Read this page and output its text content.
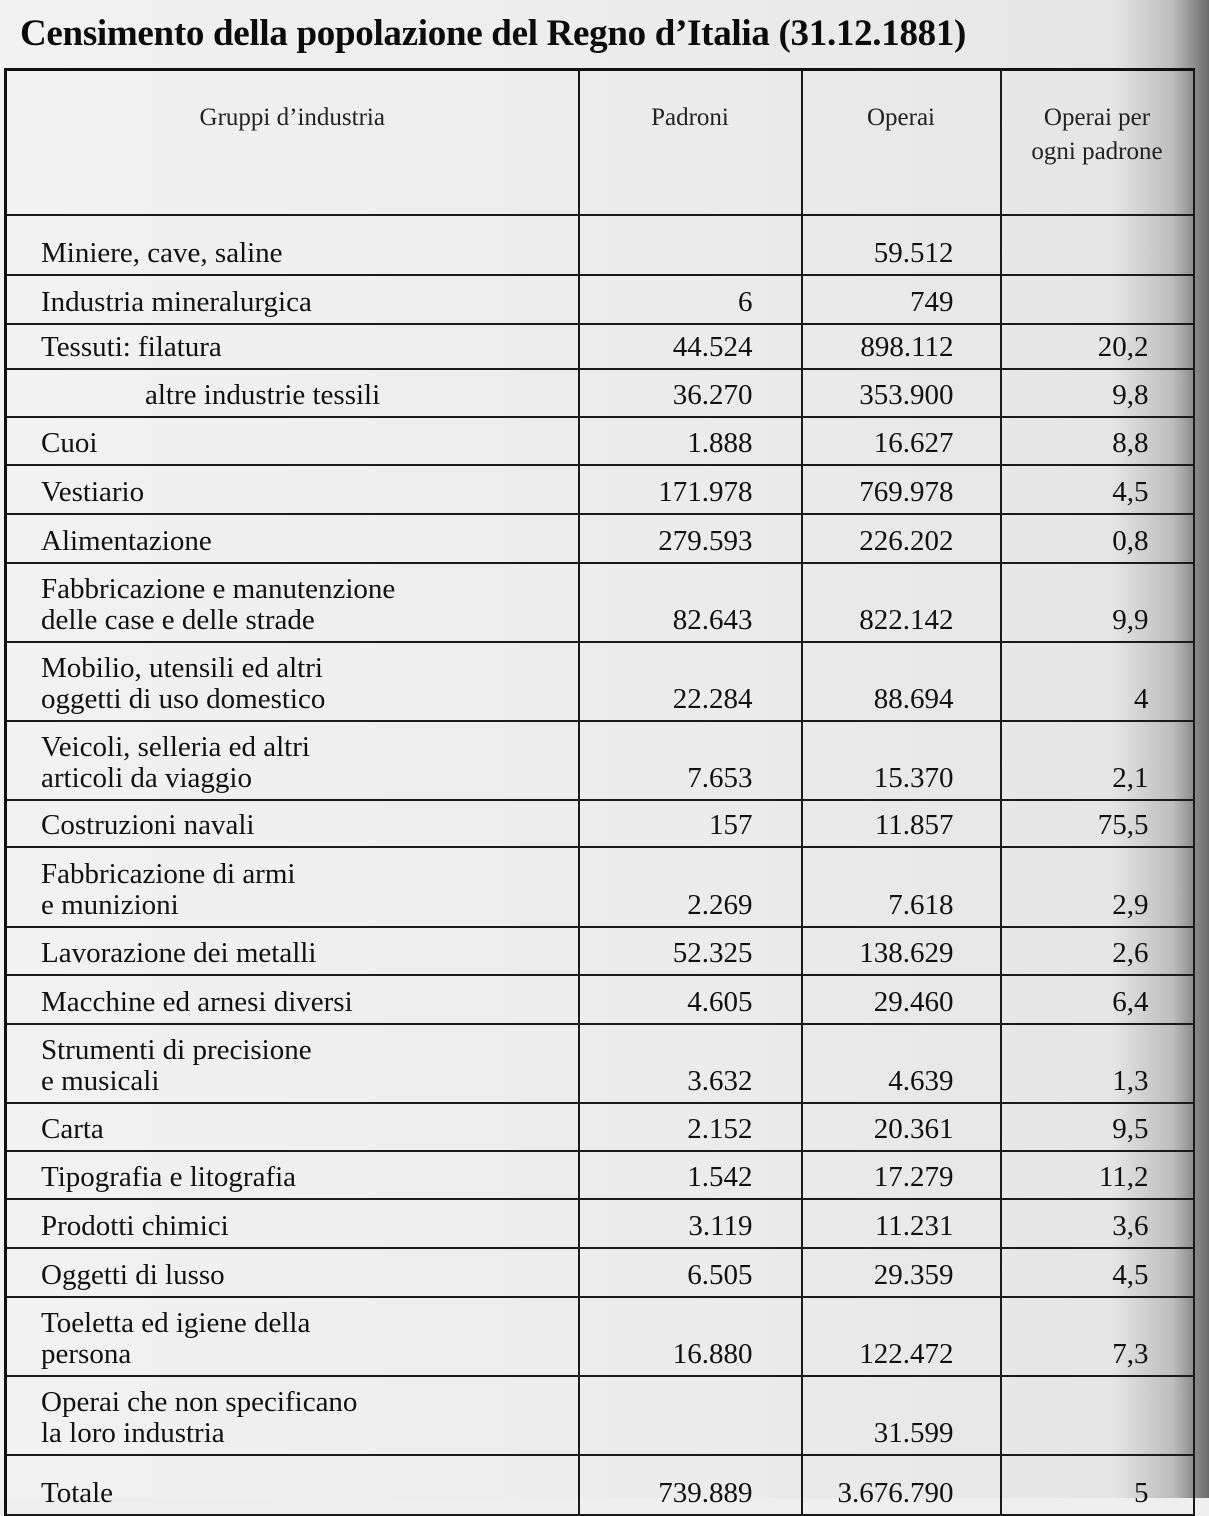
Censimento della popolazione del Regno d’Italia (31.12.1881)
Gruppi d’industria	Padroni	Operai	Operai per
ogni padrone

Miniere, cave, saline		59.512	

Industria mineralurgica	6	749	

Tessuti: filatura	44.524	898.112	20,2

altre industrie tessili	36.270	353.900	9,8

Cuoi	1.888	16.627	8,8

Vestiario	171.978	769.978	4,5

Alimentazione	279.593	226.202	0,8

Fabbricazione e manutenzione
delle case e delle strade	82.643	822.142	9,9

Mobilio, utensili ed altri
oggetti di uso domestico	22.284	88.694	4

Veicoli, selleria ed altri
articoli da viaggio	7.653	15.370	2,1

Costruzioni navali	157	11.857	75,5

Fabbricazione di armi
e munizioni	2.269	7.618	2,9

Lavorazione dei metalli	52.325	138.629	2,6

Macchine ed arnesi diversi	4.605	29.460	6,4

Strumenti di precisione
e musicali	3.632	4.639	1,3

Carta	2.152	20.361	9,5

Tipografia e litografia	1.542	17.279	11,2

Prodotti chimici	3.119	11.231	3,6

Oggetti di lusso	6.505	29.359	4,5

Toeletta ed igiene della
persona	16.880	122.472	7,3

Operai che non specificano
la loro industria		31.599	

Totale	739.889	3.676.790	5
